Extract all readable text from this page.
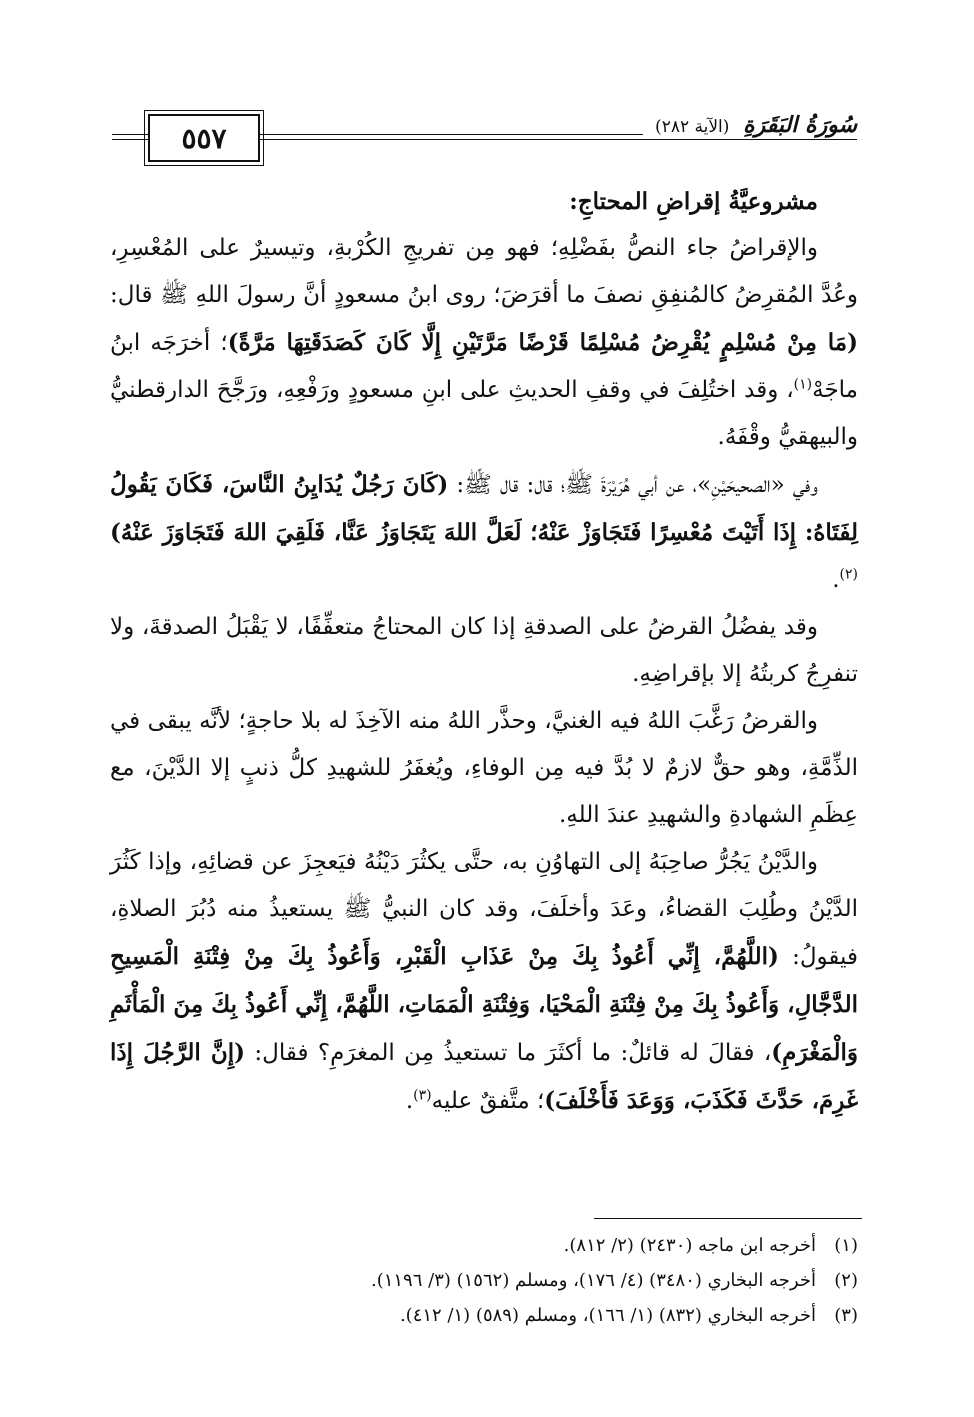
٥٥٧	سُورَةُ البَقَرَةِ (الآية ٢٨٢)
مشروعيَّةُ إقراضِ المحتاجِ:

والإقراضُ جاء النصُّ بفَضْلِهِ؛ فهو مِن تفريجِ الكُرْبةِ، وتيسيرٌ على المُعْسِرِ، وعُدَّ المُقرِضُ كالمُنفِقِ نصفَ ما أقرَضَ؛ روى ابنُ مسعودٍ أنَّ رسولَ اللهِ ﷺ قال: (مَا مِنْ مُسْلِمٍ يُقْرِضُ مُسْلِمًا قَرْضًا مَرَّتَيْنِ إِلَّا كَانَ كَصَدَقَتِهَا مَرَّةً)؛ أخرَجَه ابنُ ماجَهْ$^{(١)}$، وقد اختُلِفَ في وقفِ الحديثِ على ابنِ مسعودٍ ورَفْعِهِ، ورَجَّحَ الدارقطنيُّ والبيهقيُّ وقْفَهُ.

وفي «الصحيحَيْنِ»، عن أبي هُرَيْرَةَ ﷺ؛ قال: قال ﷺ: (كَانَ رَجُلٌ يُدَايِنُ النَّاسَ، فَكَانَ يَقُولُ لِفَتَاهُ: إِذَا أَتَيْتَ مُعْسِرًا فَتَجَاوَزْ عَنْهُ؛ لَعَلَّ اللهَ يَتَجَاوَزُ عَنَّا، فَلَقِيَ اللهَ فَتَجَاوَزَ عَنْهُ)$^{(٢)}$.

وقد يفضُلُ القرضُ على الصدقةِ إذا كان المحتاجُ متعفِّفًا، لا يَقْبَلُ الصدقةَ، ولا تنفرِجُ كربتُهُ إلا بإقراضِهِ.

والقرضُ رَغَّبَ اللهُ فيه الغنيَّ، وحذَّر اللهُ منه الآخِذَ له بلا حاجةٍ؛ لأنَّه يبقى في الذِّمَّةِ، وهو حقٌّ لازمٌ لا بُدَّ فيه مِن الوفاءِ، ويُغفَرُ للشهيدِ كلُّ ذنبٍ إلا الدَّيْنَ، مع عِظَمِ الشهادةِ والشهيدِ عندَ اللهِ.

والدَّيْنُ يَجُرُّ صاحِبَهُ إلى التهاوُنِ به، حتَّى يكثُرَ دَيْنُهُ فيَعجِزَ عن قضائِهِ، وإذا كَثُرَ الدَّيْنُ وطُلِبَ القضاءُ، وعَدَ وأخلَفَ، وقد كان النبيُّ ﷺ يستعيذُ منه دُبُرَ الصلاةِ، فيقولُ: (اللَّهُمَّ، إِنِّي أَعُوذُ بِكَ مِنْ عَذَابِ الْقَبْرِ، وَأَعُوذُ بِكَ مِنْ فِتْنَةِ الْمَسِيحِ الدَّجَّالِ، وَأَعُوذُ بِكَ مِنْ فِتْنَةِ الْمَحْيَا، وَفِتْنَةِ الْمَمَاتِ، اللَّهُمَّ، إِنِّي أَعُوذُ بِكَ مِنَ الْمَأْثَمِ وَالْمَغْرَمِ)، فقالَ له قائلٌ: ما أكثَرَ ما تستعيذُ مِن المغرَمِ؟ فقال: (إِنَّ الرَّجُلَ إِذَا غَرِمَ، حَدَّثَ فَكَذَبَ، وَوَعَدَ فَأَخْلَفَ)؛ متَّفقٌ عليه$^{(٣)}$.

(١)أخرجه ابن ماجه (٢٤٣٠) (٢/ ٨١٢).

(٢)أخرجه البخاري (٣٤٨٠) (٤/ ١٧٦)، ومسلم (١٥٦٢) (٣/ ١١٩٦).

(٣)أخرجه البخاري (٨٣٢) (١/ ١٦٦)، ومسلم (٥٨٩) (١/ ٤١٢).
